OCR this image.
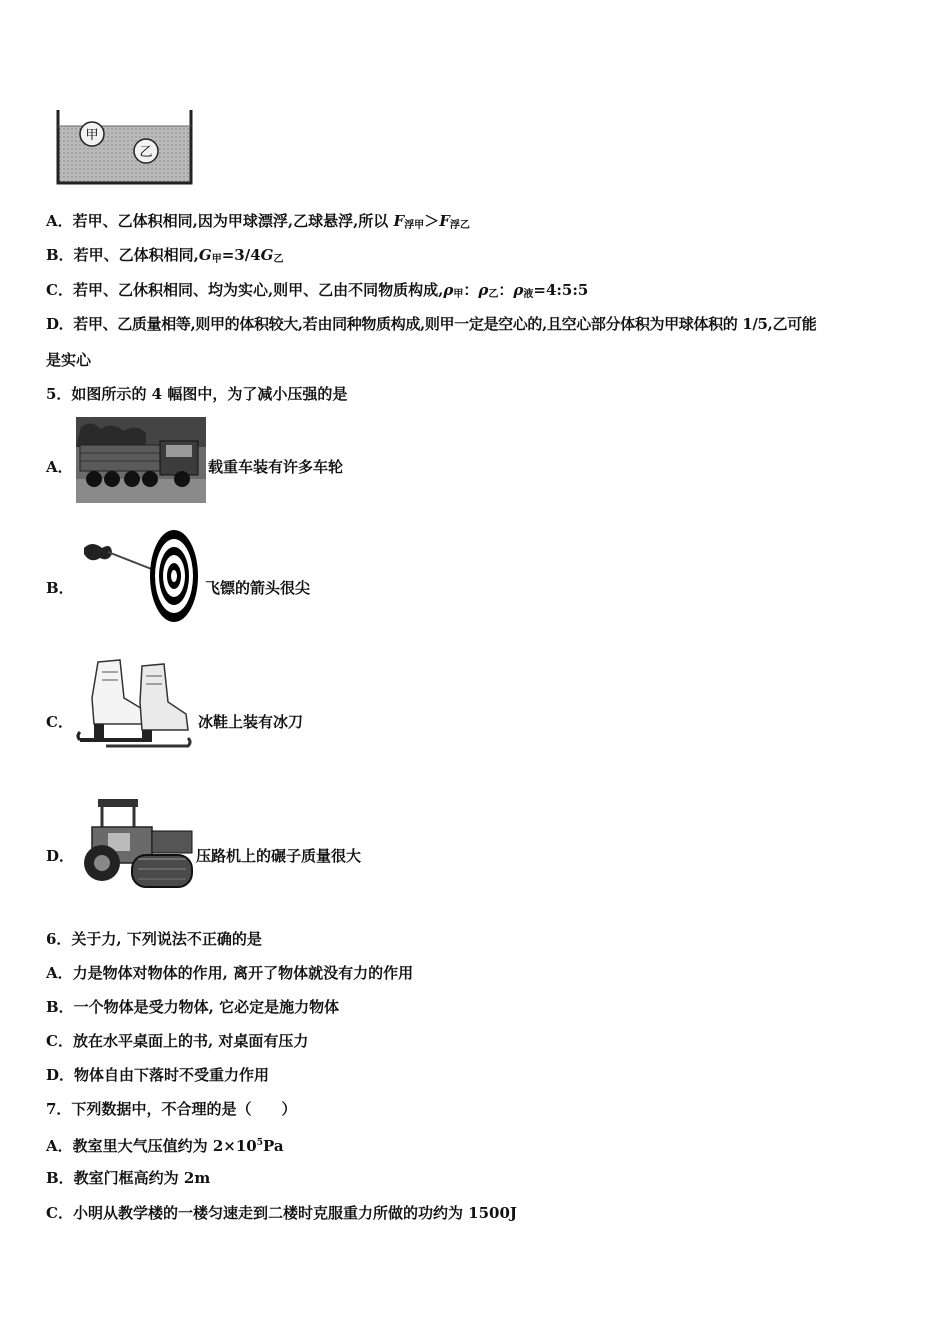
甲
乙
A．若甲、乙体积相同,因为甲球漂浮,乙球悬浮,所以 $F_{浮甲}>F_{浮乙}$
B．若甲、乙体积相同$,G_甲=3/4G_乙$
C．若甲、乙休积相同、均为实心,则甲、乙由不同物质构成$,\rho_甲$：$\rho_乙$：$\rho_液=4:5:5$
D．若甲、乙质量相等,则甲的体积较大,若由同种物质构成,则甲一定是空心的,且空心部分体积为甲球体积的 1/5,乙可能
是实心
5．如图所示的 4 幅图中，为了减小压强的是
A．	载重车装有许多车轮
B．	飞镖的箭头很尖
C．	冰鞋上装有冰刀
D．	压路机上的碾子质量很大
6．关于力, 下列说法不正确的是
A．力是物体对物体的作用, 离开了物体就没有力的作用
B．一个物体是受力物体, 它必定是施力物体
C．放在水平桌面上的书, 对桌面有压力
D．物体自由下落时不受重力作用
7．下列数据中，不合理的是（　　）
A．教室里大气压值约为 $2\times 10^5Pa$
B．教室门框高约为 2m
C．小明从教学楼的一楼匀速走到二楼时克服重力所做的功约为 1500J
